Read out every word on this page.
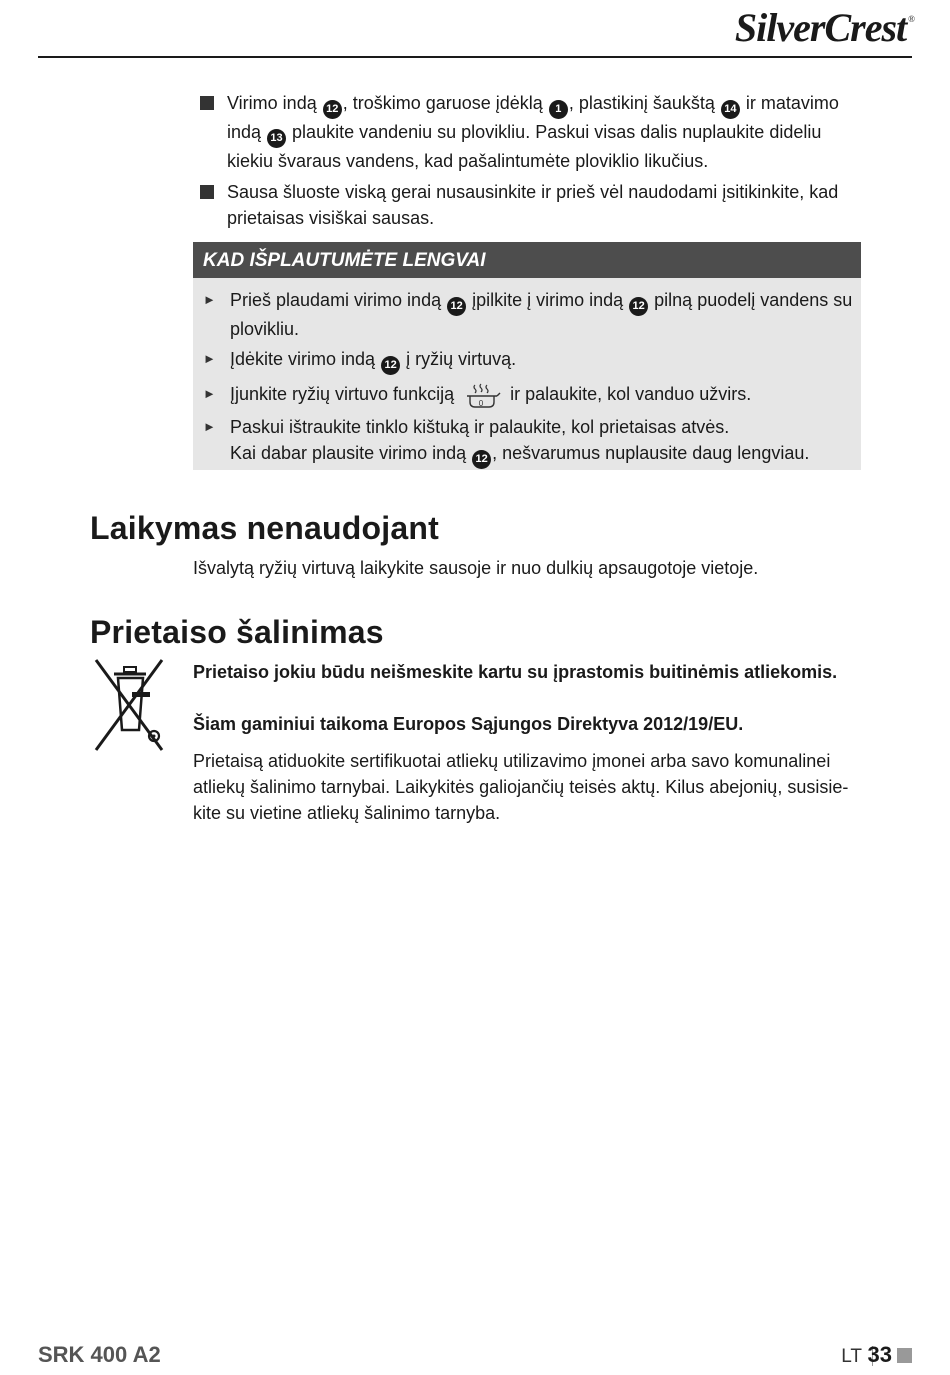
SilverCrest ®
Virimo indą 12 , troškimo garuose įdėklą 1 , plastikinį šaukštą 14 ir matavimo indą 13 plaukite vandeniu su plovikliu. Paskui visas dalis nuplaukite dideliu kiekiu švaraus vandens, kad pašalintumėte ploviklio likučius.
Sausa šluoste viską gerai nusausinkite ir prieš vėl naudodami įsitikinkite, kad prietaisas visiškai sausas.
KAD IŠPLAUTUMĖTE LENGVAI
► Prieš plaudami virimo indą 12 įpilkite į virimo indą 12 pilną puodelį vandens su plovikliu.
► Įdėkite virimo indą 12 į ryžių virtuvą.
► Įjunkite ryžių virtuvo funkciją 0 ir palaukite, kol vanduo užvirs.
► Paskui ištraukite tinklo kištuką ir palaukite, kol prietaisas atvės.
Kai dabar plausite virimo indą 12 , nešvarumus nuplausite daug lengviau.
Laikymas nenaudojant
Išvalytą ryžių virtuvą laikykite sausoje ir nuo dulkių apsaugotoje vietoje.
Prietaiso šalinimas
Prietaiso jokiu būdu neišmeskite kartu su įprastomis buitinėmis atliekomis.
Šiam gaminiui taikoma Europos Sąjungos Direktyva 2012/19/EU.
Prietaisą atiduokite sertifikuotai atliekų utilizavimo įmonei arba savo komunalinei atliekų šalinimo tarnybai. Laikykitės galiojančių teisės aktų. Kilus abejonių, susisie-kite su vietine atliekų šalinimo tarnyba.
SRK 400 A2	LT 33
